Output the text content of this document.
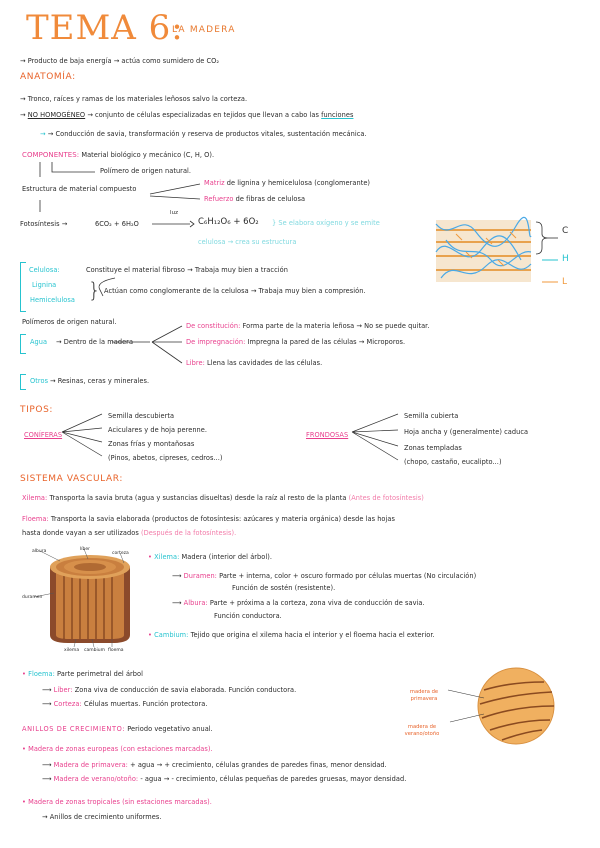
TEMA 6:
LA MADERA
→ Producto de baja energía → actúa como sumidero de CO₂
ANATOMÍA:
→ Tronco, raíces y ramas de los materiales leñosos salvo la corteza.
→ NO HOMOGÉNEO → conjunto de células especializadas en tejidos que llevan a cabo las funciones
→ → Conducción de savia, transformación y reserva de productos vitales, sustentación mecánica.
COMPONENTES: Material biológico y mecánico (C, H, O).
Polímero de origen natural.
Estructura de material compuesto
Matriz de lignina y hemicelulosa (conglomerante)
Refuerzo de fibras de celulosa
Fotosíntesis →	6CO₂ + 6H₂O
luz
C₆H₁₂O₆ + 6O₂ } Se elabora oxígeno y se emite
celulosa → crea su estructura
Celulosa:	Constituye el material fibroso → Trabaja muy bien a tracción
Lignina
Hemicelulosa } Actúan como conglomerante de la celulosa → Trabaja muy bien a compresión.
Polímeros de origen natural.
Agua → Dentro de la madera
De constitución: Forma parte de la materia leñosa → No se puede quitar.
De impregnación: Impregna la pared de las células → Microporos.
Libre: Llena las cavidades de las células.
Otros → Resinas, ceras y minerales.
C
H
L
TIPOS:
CONÍFERAS
Semilla descubierta
Aciculares y de hoja perenne.
Zonas frías y montañosas
(Pinos, abetos, cipreses, cedros...)
FRONDOSAS
Semilla cubierta
Hoja ancha y (generalmente) caduca
Zonas templadas
(chopo, castaño, eucalipto...)
SISTEMA VASCULAR:
Xilema: Transporta la savia bruta (agua y sustancias disueltas) desde la raíz al resto de la planta (Antes de fotosíntesis)
Floema: Transporta la savia elaborada (productos de fotosíntesis: azúcares y materia orgánica) desde las hojas
hasta donde vayan a ser utilizados (Después de la fotosíntesis).
albura	líber
corteza
duramen
xilema cambium floema
• Xilema: Madera (interior del árbol).
⟶ Duramen: Parte + interna, color + oscuro formado por células muertas (No circulación)
Función de sostén (resistente).
⟶ Albura: Parte + próxima a la corteza, zona viva de conducción de savia.
Función conductora.
• Cambium: Tejido que origina el xilema hacia el interior y el floema hacia el exterior.
• Floema: Parte perimetral del árbol
⟶ Líber: Zona viva de conducción de savia elaborada. Función conductora.
⟶ Corteza: Células muertas. Función protectora.
madera de primavera
madera de verano/otoño
ANILLOS DE CRECIMIENTO: Periodo vegetativo anual.
• Madera de zonas europeas (con estaciones marcadas).
⟶ Madera de primavera: + agua → + crecimiento, células grandes de paredes finas, menor densidad.
⟶ Madera de verano/otoño: - agua → - crecimiento, células pequeñas de paredes gruesas, mayor densidad.
• Madera de zonas tropicales (sin estaciones marcadas).
→ Anillos de crecimiento uniformes.
